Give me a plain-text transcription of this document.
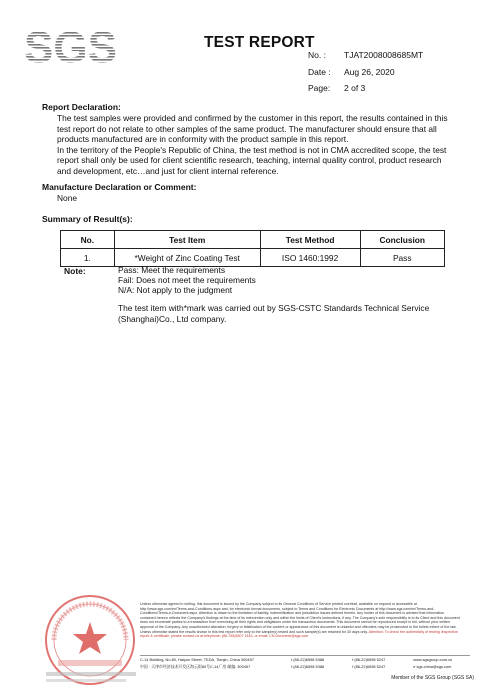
SGS	TEST REPORT
No. : TJAT2008008685MT
Date : Aug 26, 2020
Page: 2 of 3
Report Declaration:
The test samples were provided and confirmed by the customer in this report, the results contained in this test report do not relate to other samples of the same product. The manufacturer should ensure that all products manufactured are in conformity with the product sample in this report.
In the territory of the People's Republic of China, the test method is not in CMA accredited scope, the test report shall only be used for client scientific research, teaching, internal quality control, product research and development, etc…and just for client internal reference.
Manufacture Declaration or Comment:
None
Summary of Result(s):
No.	Test Item	Test Method	Conclusion
1.	*Weight of Zinc Coating Test	ISO 1460:1992	Pass
Note:	Pass: Meet the requirements
Fail: Does not meet the requirements
N/A: Not apply to the judgment
The test item with*mark was carried out by SGS-CSTC Standards Technical Service (Shanghai)Co., Ltd company.
Unless otherwise agreed in writing, this document is issued by the Company subject to its General Conditions of Service printed overleaf, available on request or accessible at http://www.sgs.com/en/Terms-and-Conditions.aspx and, for electronic format documents, subject to Terms and Conditions for Electronic Documents at http://www.sgs.com/en/Terms-and-Conditions/Terms-e-Document.aspx. Attention is drawn to the limitation of liability, indemnification and jurisdiction issues defined therein. Any holder of this document is advised that information contained hereon reflects the Company's findings at the time of its intervention only and within the limits of Client's instructions, if any. The Company's sole responsibility is to its Client and this document does not exonerate parties to a transaction from exercising all their rights and obligations under the transaction documents. This document cannot be reproduced except in full, without prior written approval of the Company. Any unauthorized alteration, forgery or falsification of the content or appearance of this document is unlawful and offenders may be prosecuted to the fullest extent of the law. Unless otherwise stated the results shown in this test report refer only to the sample(s) tested and such sample(s) are retained for 30 days only. Attention: To check the authenticity of testing /inspection report & certificate, please contact us at telephone: (86-755)8307 1443, or email: CN.Doccheck@sgs.com
C-14 Building, No.80, Haiyun Street, TEDA, Tianjin, China 300457	t (86-22)6598 5388	f (86-22)6598 5247	www.sgsgroup.com.cn
中国 · 天津市经济技术开发区海云街80号C-14厂房 邮编: 300457	t (86-22)6598 5388	f (86-22)6598 5247	e sgs.china@sgs.com
Member of the SGS Group (SGS SA)
